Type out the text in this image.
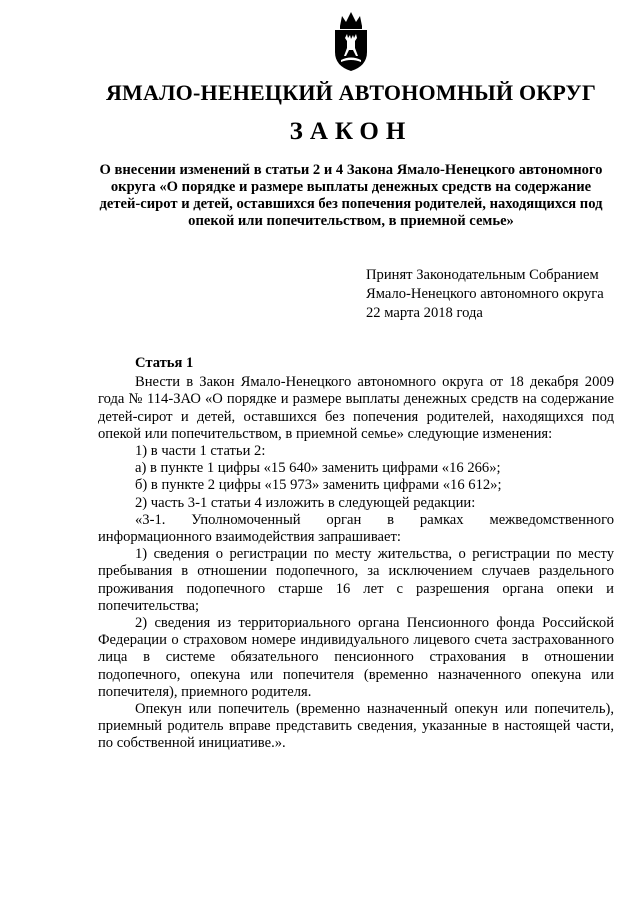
ЯМАЛО-НЕНЕЦКИЙ АВТОНОМНЫЙ ОКРУГ
ЗАКОН
О внесении изменений в статьи 2 и 4 Закона Ямало-Ненецкого автономного округа «О порядке и размере выплаты денежных средств на содержание детей-сирот и детей, оставшихся без попечения родителей, находящихся под опекой или попечительством, в приемной семье»
Принят Законодательным Собранием
Ямало-Ненецкого автономного округа
22 марта 2018 года

Статья 1

Внести в Закон Ямало-Ненецкого автономного округа от 18 декабря 2009 года № 114-ЗАО «О порядке и размере выплаты денежных средств на содержание детей-сирот и детей, оставшихся без попечения родителей, находящихся под опекой или попечительством, в приемной семье» следующие изменения:

1) в части 1 статьи 2:

а) в пункте 1 цифры «15 640» заменить цифрами «16 266»;

б) в пункте 2 цифры «15 973» заменить цифрами «16 612»;

2) часть 3-1 статьи 4 изложить в следующей редакции:

«3-1. Уполномоченный орган в рамках межведомственного информационного взаимодействия запрашивает:

1) сведения о регистрации по месту жительства, о регистрации по месту пребывания в отношении подопечного, за исключением случаев раздельного проживания подопечного старше 16 лет с разрешения органа опеки и попечительства;

2) сведения из территориального органа Пенсионного фонда Российской Федерации о страховом номере индивидуального лицевого счета застрахованного лица в системе обязательного пенсионного страхования в отношении подопечного, опекуна или попечителя (временно назначенного опекуна или попечителя), приемного родителя.

Опекун или попечитель (временно назначенный опекун или попечитель), приемный родитель вправе представить сведения, указанные в настоящей части, по собственной инициативе.».
